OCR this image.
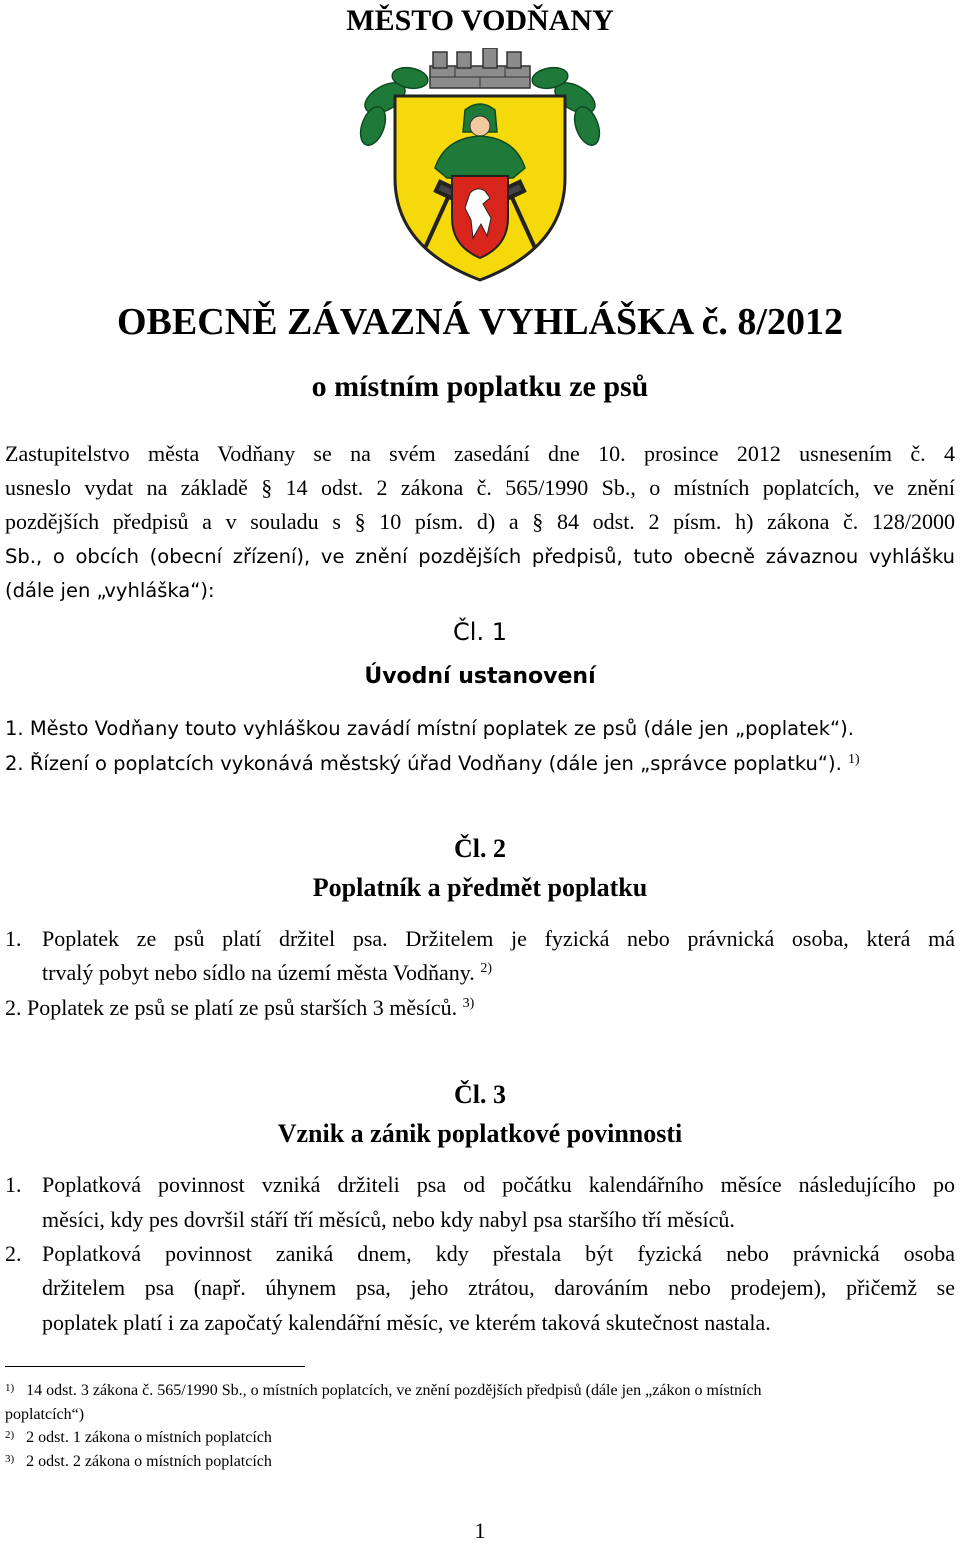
MĚSTO VODŇANY
OBECNĚ ZÁVAZNÁ VYHLÁŠKA č. 8/2012
o místním poplatku ze psů
Zastupitelstvo města Vodňany se na svém zasedání dne 10. prosince 2012 usnesením č. 4
usneslo vydat na základě § 14 odst. 2 zákona č. 565/1990 Sb., o místních poplatcích, ve znění
pozdějších předpisů a v souladu s § 10 písm. d) a § 84 odst. 2 písm. h) zákona č. 128/2000
Sb., o obcích (obecní zřízení), ve znění pozdějších předpisů, tuto obecně závaznou vyhlášku
(dále jen „vyhláška“):
Čl. 1
Úvodní ustanovení
1. Město Vodňany touto vyhláškou zavádí místní poplatek ze psů (dále jen „poplatek“).
2. Řízení o poplatcích vykonává městský úřad Vodňany (dále jen „správce poplatku“). $^{1)}$
Čl. 2
Poplatník a předmět poplatku
1. Poplatek ze psů platí držitel psa. Držitelem je fyzická nebo právnická osoba, která má
trvalý pobyt nebo sídlo na území města Vodňany. $^{2)}$
2. Poplatek ze psů se platí ze psů starších 3 měsíců. $^{3)}$
Čl. 3
Vznik a zánik poplatkové povinnosti
1. Poplatková povinnost vzniká držiteli psa od počátku kalendářního měsíce následujícího po
měsíci, kdy pes dovršil stáří tří měsíců, nebo kdy nabyl psa staršího tří měsíců.
2. Poplatková povinnost zaniká dnem, kdy přestala být fyzická nebo právnická osoba
držitelem psa (např. úhynem psa, jeho ztrátou, darováním nebo prodejem), přičemž se
poplatek platí i za započatý kalendářní měsíc, ve kterém taková skutečnost nastala.
$^{1)}$ 14 odst. 3 zákona č. 565/1990 Sb., o místních poplatcích, ve znění pozdějších předpisů (dále jen „zákon o místních
poplatcích“)
$^{2)}$ 2 odst. 1 zákona o místních poplatcích
$^{3)}$ 2 odst. 2 zákona o místních poplatcích
1
